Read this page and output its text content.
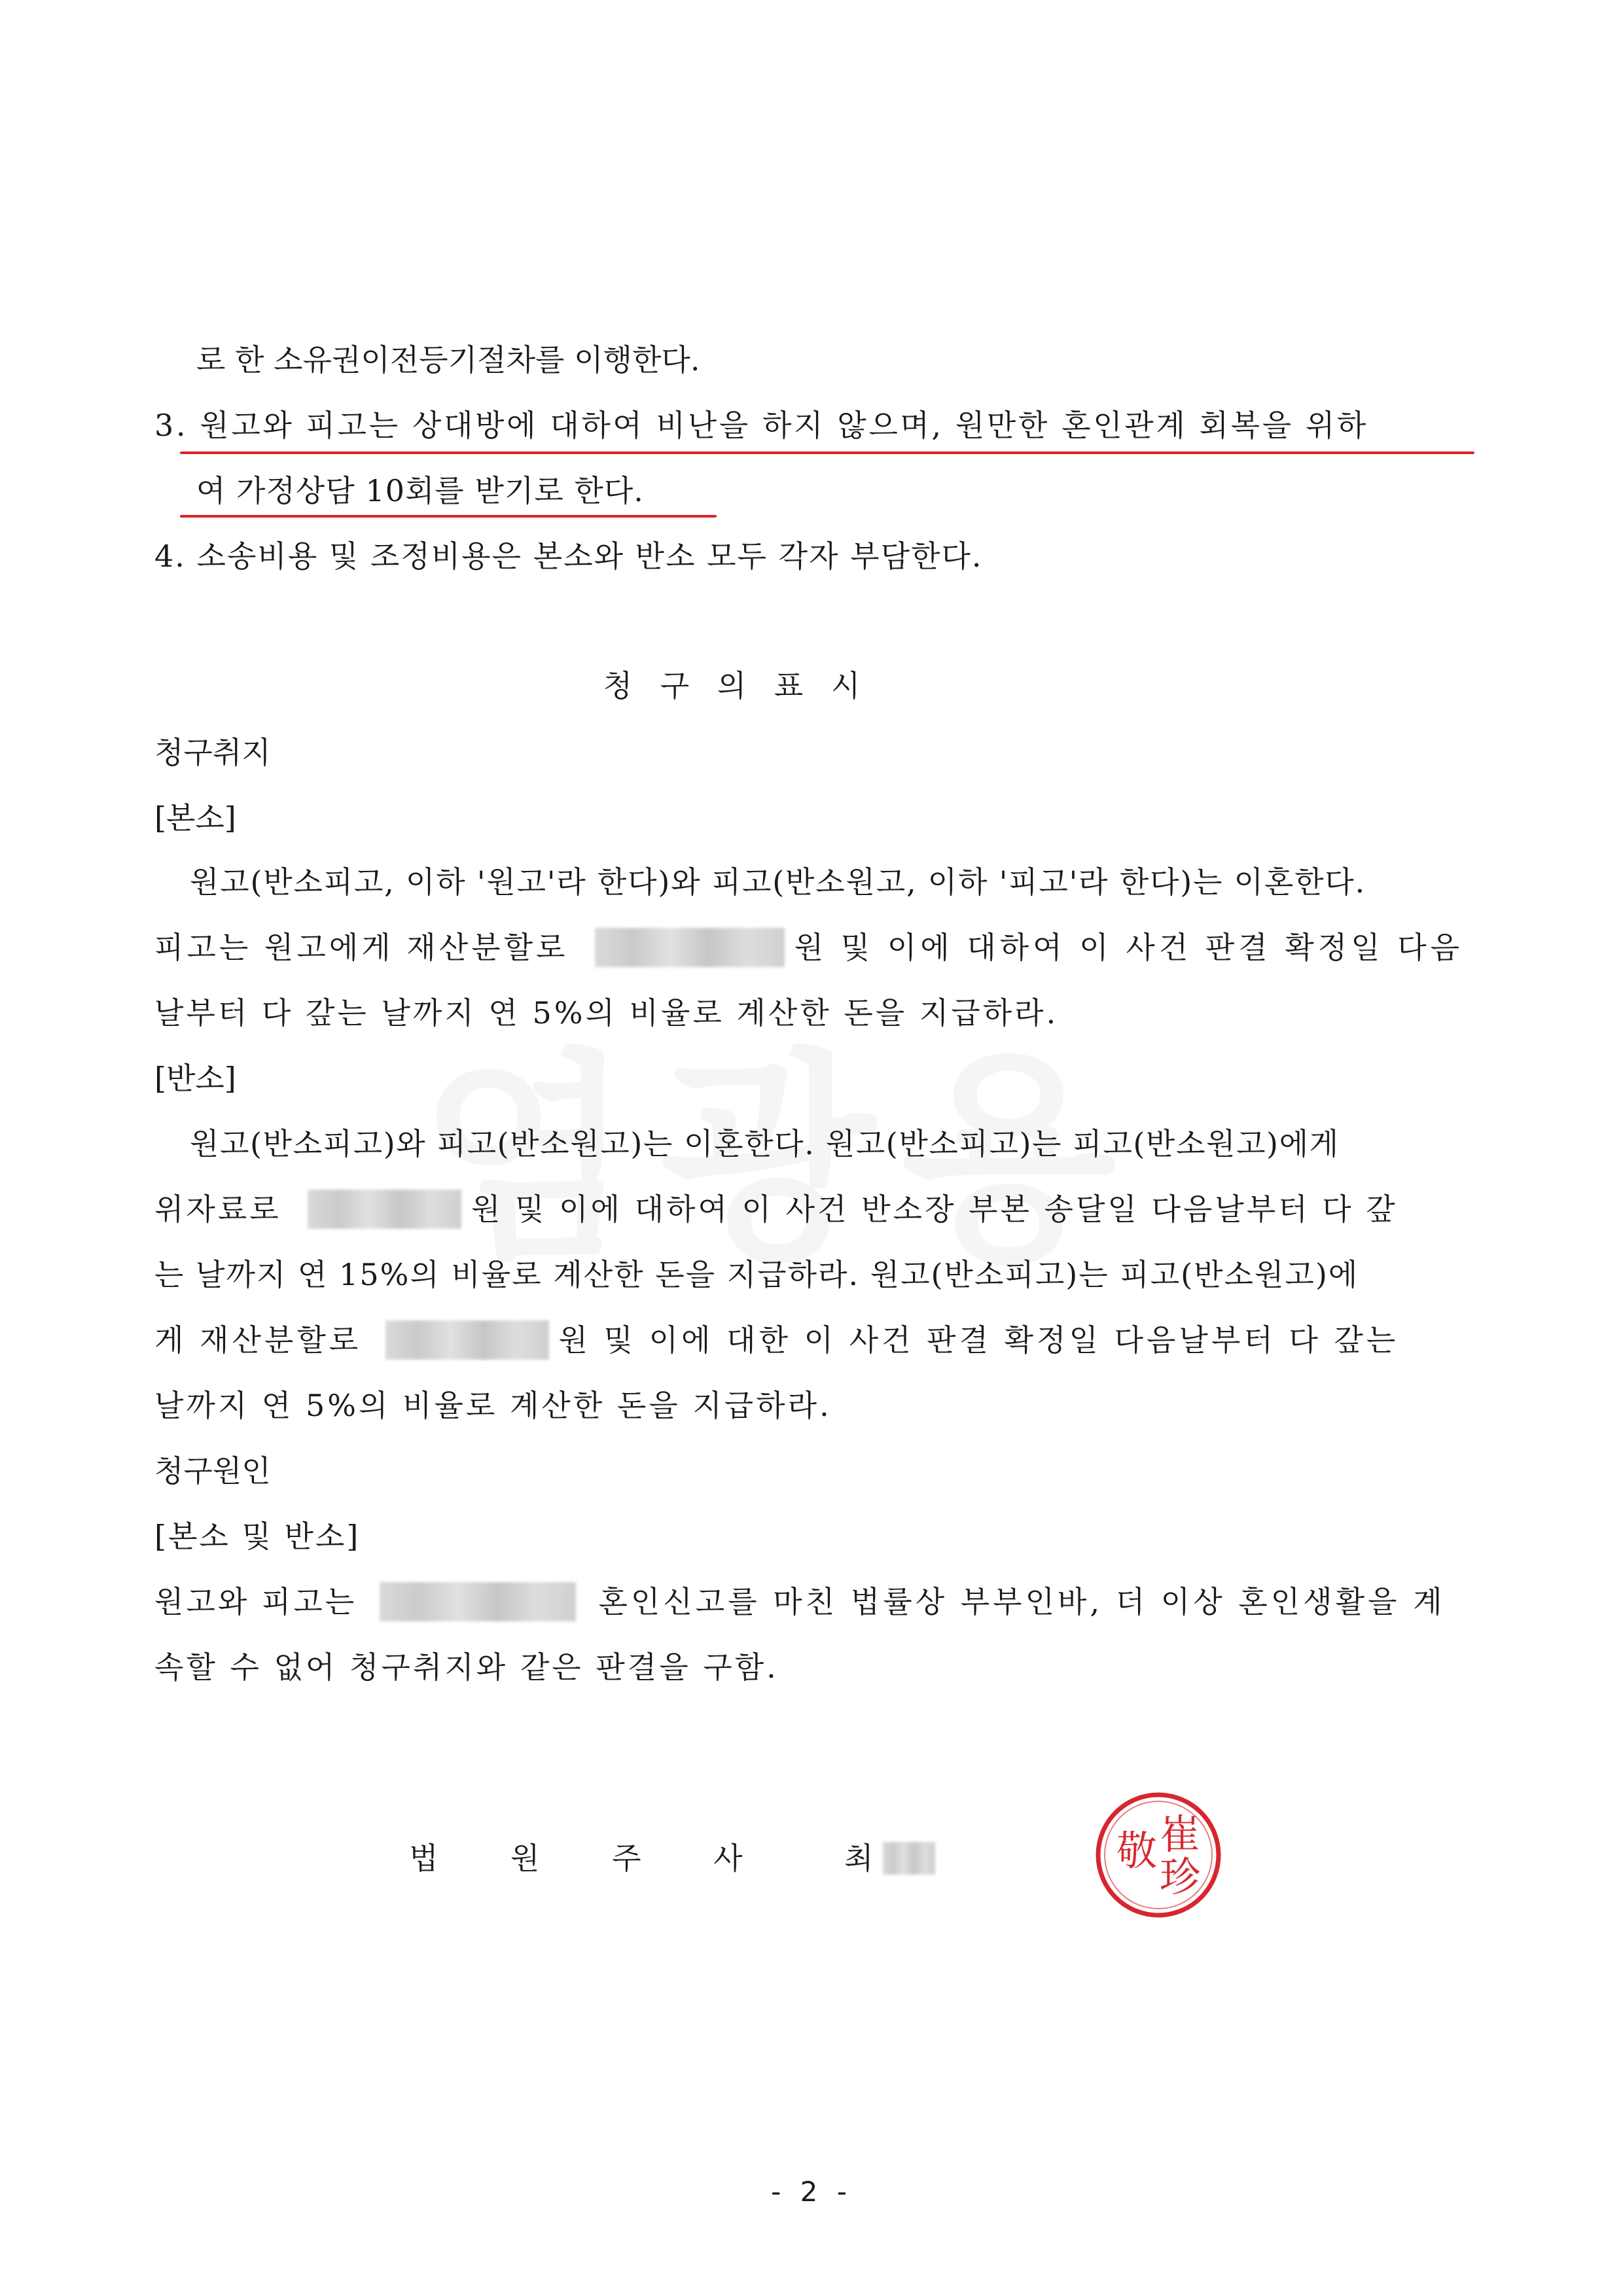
로 한 소유권이전등기절차를 이행한다.
3. 원고와 피고는 상대방에 대하여 비난을 하지 않으며, 원만한 혼인관계 회복을 위하
여 가정상담 10회를 받기로 한다.
4. 소송비용 및 조정비용은 본소와 반소 모두 각자 부담한다.
청 구 의 표 시
청구취지
[본소]
원고(반소피고, 이하 '원고'라 한다)와 피고(반소원고, 이하 '피고'라 한다)는 이혼한다.
피고는 원고에게 재산분할로	원 및 이에 대하여 이 사건 판결 확정일 다음
날부터 다 갚는 날까지 연 5%의 비율로 계산한 돈을 지급하라.
[반소]
원고(반소피고)와 피고(반소원고)는 이혼한다. 원고(반소피고)는 피고(반소원고)에게
위자료로	원 및 이에 대하여 이 사건 반소장 부본 송달일 다음날부터 다 갚
는 날까지 연 15%의 비율로 계산한 돈을 지급하라. 원고(반소피고)는 피고(반소원고)에
게 재산분할로	원 및 이에 대한 이 사건 판결 확정일 다음날부터 다 갚는
날까지 연 5%의 비율로 계산한 돈을 지급하라.
청구원인
[본소 및 반소]
원고와 피고는	혼인신고를 마친 법률상 부부인바, 더 이상 혼인생활을 계
속할 수 없어 청구취지와 같은 판결을 구함.
법 원 주 사 최	崔
敬
珍
- 2 -
